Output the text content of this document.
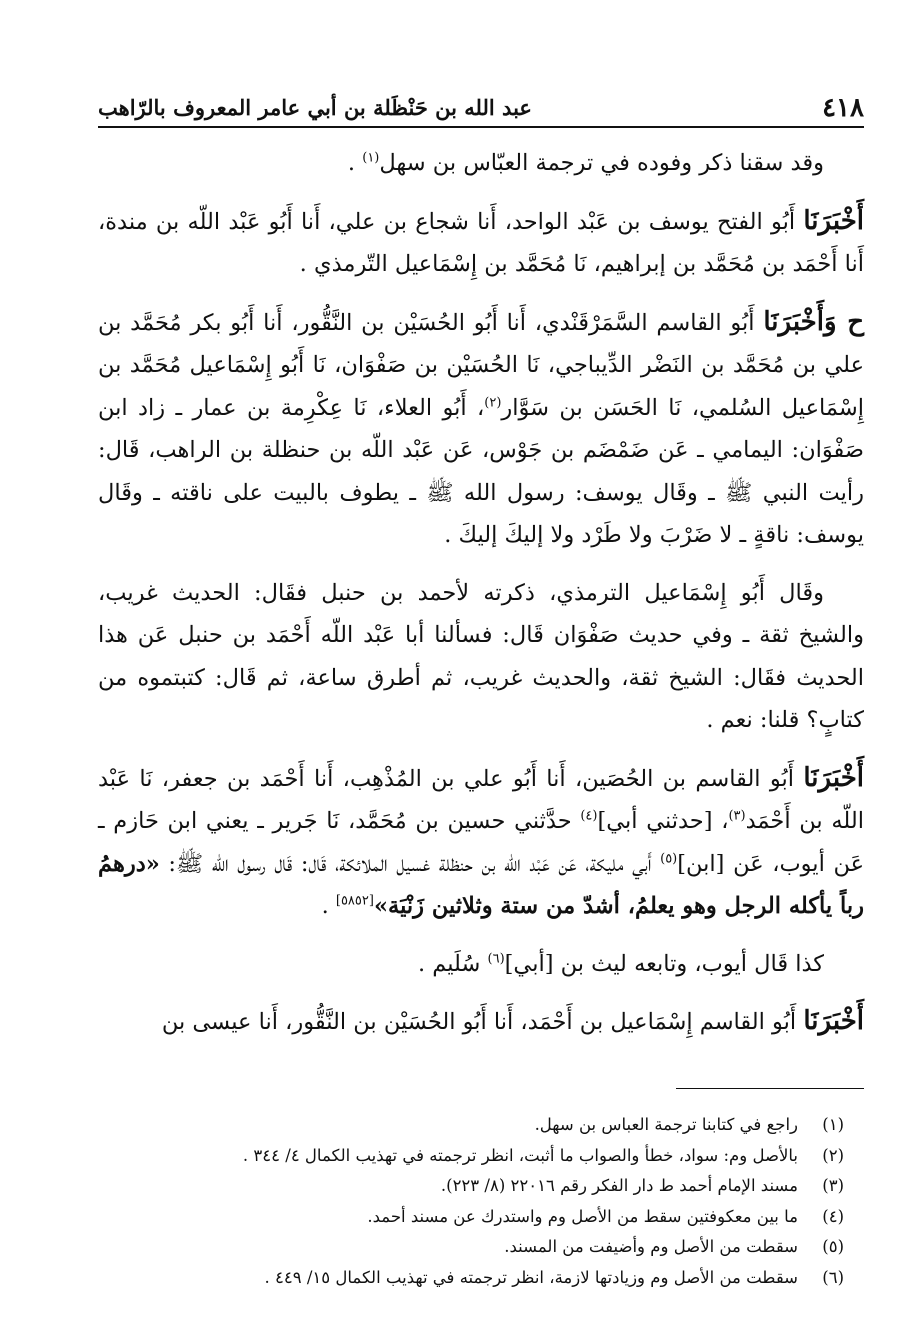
٤١٨
عبد الله بن حَنْظَلة بن أبي عامر المعروف بالرّاهب

وقد سقنا ذكر وفوده في ترجمة العبّاس بن سهل$^{(١)}$ .

أَخْبَرَنَا أَبُو الفتح يوسف بن عَبْد الواحد، أَنا شجاع بن علي، أَنا أَبُو عَبْد اللّه بن مندة، أَنا أَحْمَد بن مُحَمَّد بن إبراهيم، نَا مُحَمَّد بن إِسْمَاعيل التّرمذي .

ح وَأَخْبَرَنَا أَبُو القاسم السَّمَرْقَنْدي، أَنا أَبُو الحُسَيْن بن النَّقُّور، أَنا أَبُو بكر مُحَمَّد بن علي بن مُحَمَّد بن النَضْر الدِّيباجي، نَا الحُسَيْن بن صَفْوَان، نَا أَبُو إِسْمَاعيل مُحَمَّد بن إِسْمَاعيل السُلمي، نَا الحَسَن بن سَوَّار$^{(٢)}$، أَبُو العلاء، نَا عِكْرِمة بن عمار ـ زاد ابن صَفْوَان: اليمامي ـ عَن ضَمْضَم بن جَوْس، عَن عَبْد اللّه بن حنظلة بن الراهب، قَال: رأيت النبي ﷺ ـ وقَال يوسف: رسول الله ﷺ ـ يطوف بالبيت على ناقته ـ وقَال يوسف: ناقةٍ ـ لا ضَرْبَ ولا طَرْد ولا إليكَ إليكَ .

وقَال أَبُو إِسْمَاعيل الترمذي، ذكرته لأحمد بن حنبل فقَال: الحديث غريب، والشيخ ثقة ـ وفي حديث صَفْوَان قَال: فسألنا أبا عَبْد اللّه أَحْمَد بن حنبل عَن هذا الحديث فقَال: الشيخ ثقة، والحديث غريب، ثم أطرق ساعة، ثم قَال: كتبتموه من كتابٍ؟ قلنا: نعم .

أَخْبَرَنَا أَبُو القاسم بن الحُصَين، أَنا أَبُو علي بن المُذْهِب، أَنا أَحْمَد بن جعفر، نَا عَبْد اللّه بن أَحْمَد$^{(٣)}$، [حدثني أبي]$^{(٤)}$ حدَّثني حسين بن مُحَمَّد، نَا جَرير ـ يعني ابن حَازم ـ عَن أيوب، عَن [ابن]$^{(٥)}$ أَبي مليكة، عَن عَبْد اللّه بن حنظلة غسيل الملائكة، قَال: قَال رسول الله ﷺ: «درهمُ رباً يأكله الرجل وهو يعلمُ، أشدّ من ستة وثلاثين زَنْيَة»[٥٨٥٢] .

كذا قَال أيوب، وتابعه ليث بن [أبي]$^{(٦)}$ سُلَيم .

أَخْبَرَنَا أَبُو القاسم إِسْمَاعيل بن أَحْمَد، أَنا أَبُو الحُسَيْن بن النَّقُّور، أَنا عيسى بن

(١)
راجع في كتابنا ترجمة العباس بن سهل.
(٢)
بالأصل وم: سواد، خطأ والصواب ما أثبت، انظر ترجمته في تهذيب الكمال ٤/ ٣٤٤ .
(٣)
مسند الإمام أحمد ط دار الفكر رقم ٢٢٠١٦ (٨/ ٢٢٣).
(٤)
ما بين معكوفتين سقط من الأصل وم واستدرك عن مسند أحمد.
(٥)
سقطت من الأصل وم وأضيفت من المسند.
(٦)
سقطت من الأصل وم وزيادتها لازمة، انظر ترجمته في تهذيب الكمال ١٥/ ٤٤٩ .
